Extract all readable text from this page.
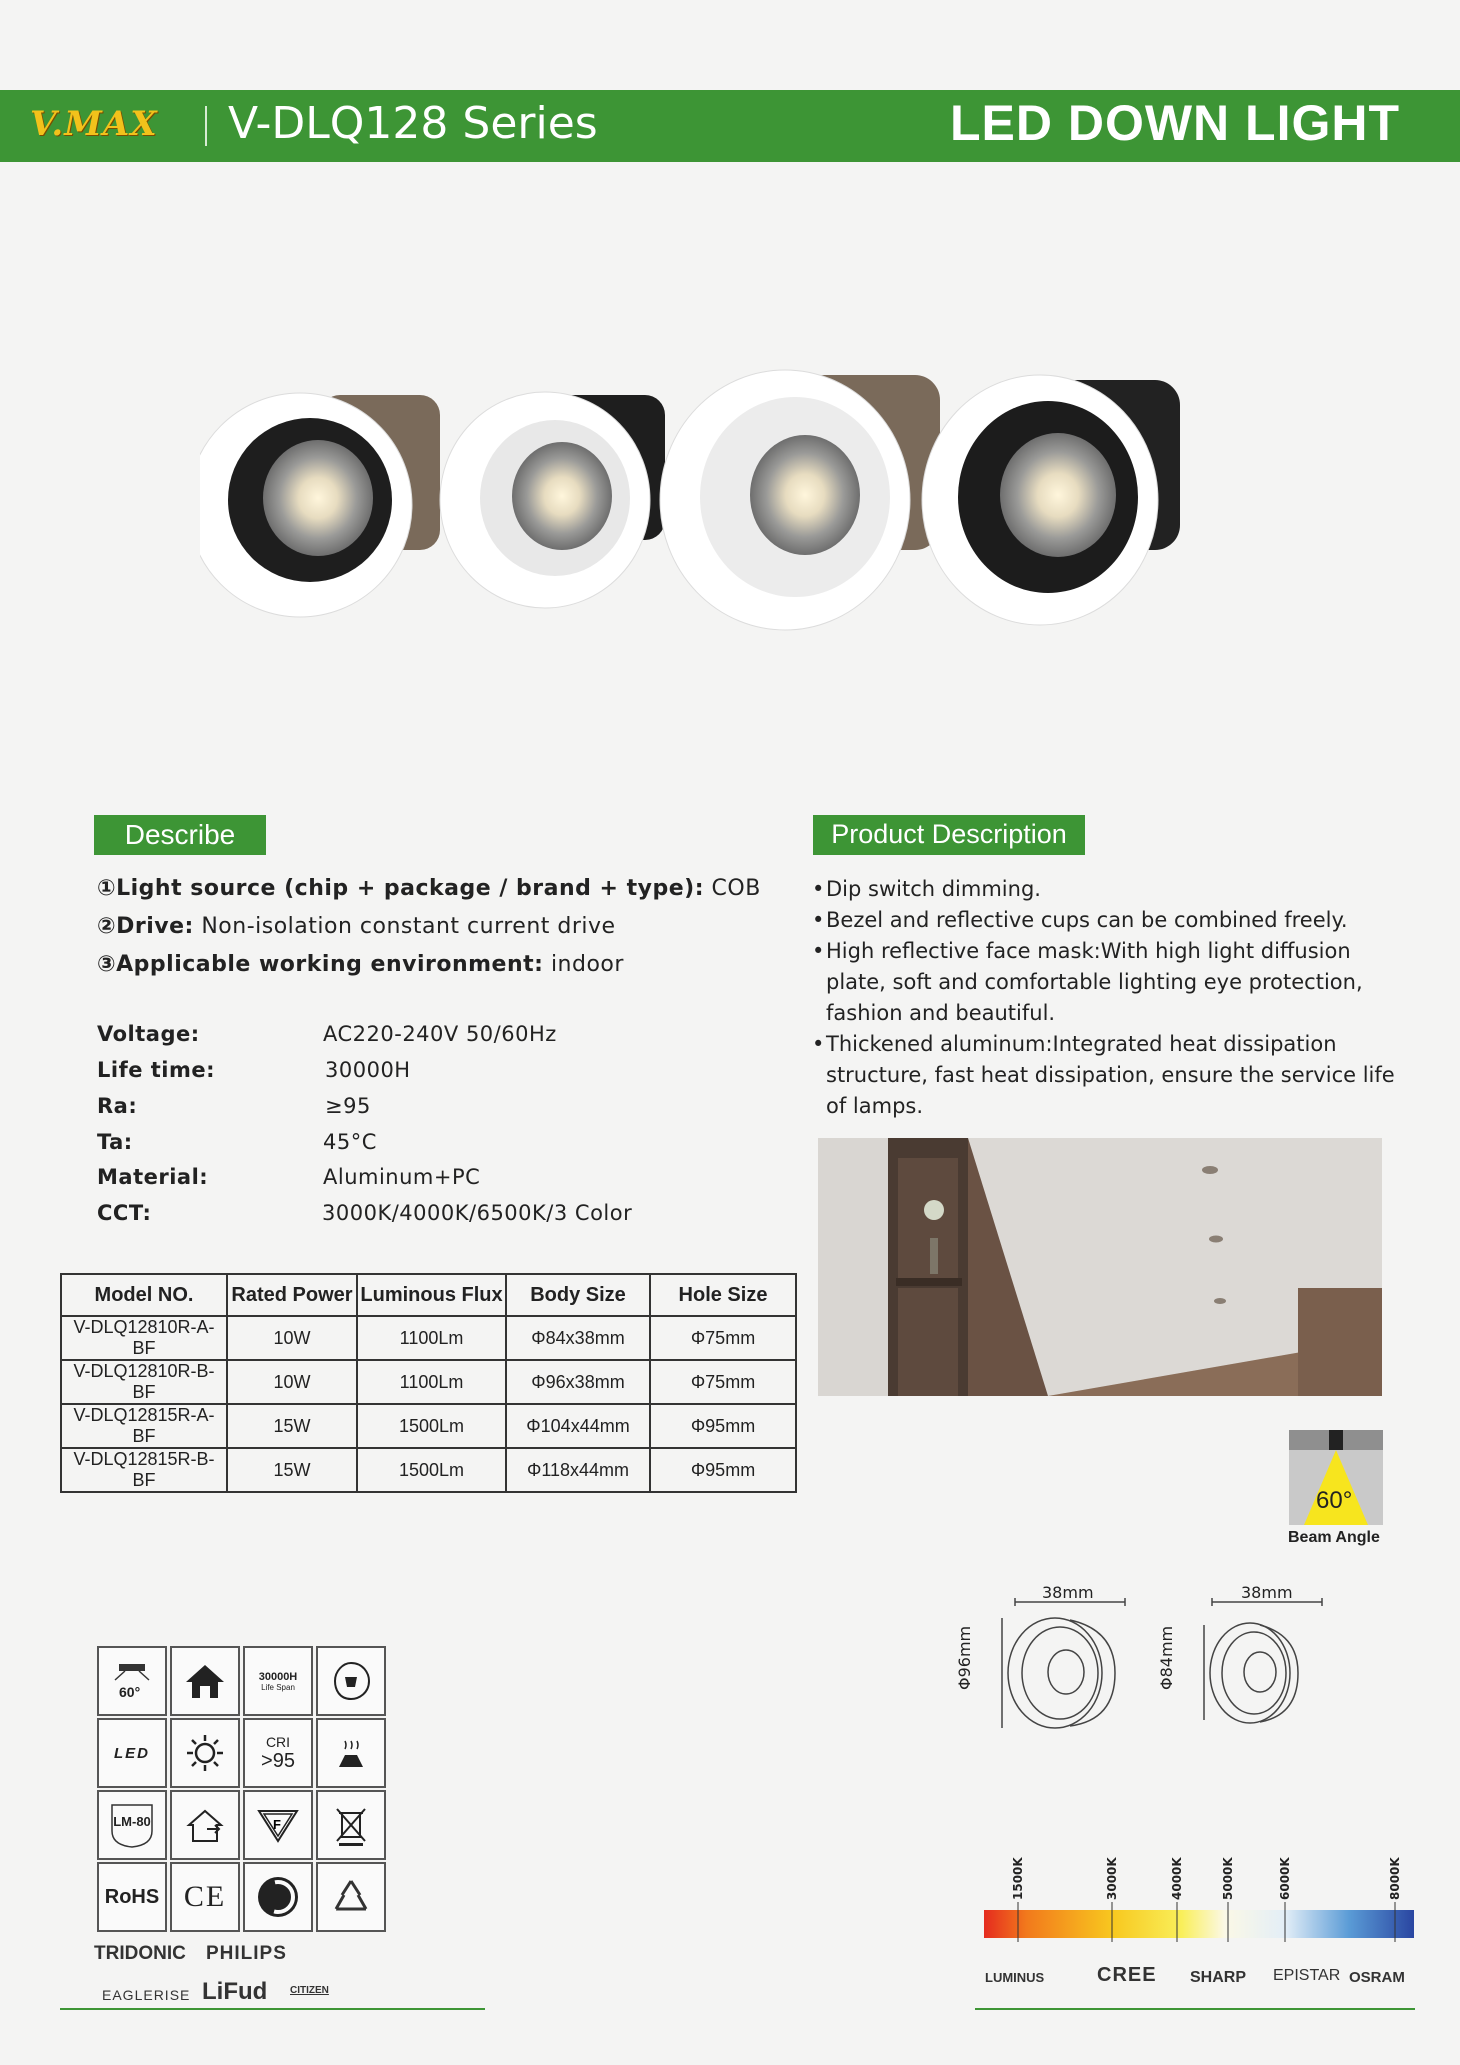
V.MAX V-DLQ128 Series	LED DOWN LIGHT
Describe
①Light source (chip + package / brand + type): COB
②Drive: Non-isolation constant current drive
③Applicable working environment: indoor
Voltage:	AC220-240V 50/60Hz
Life time:	30000H
Ra:	≥95
Ta:	45°C
Material:	Aluminum+PC
CCT:	3000K/4000K/6500K/3 Color
Model NO.	Rated Power	Luminous Flux	Body Size	Hole Size
V-DLQ12810R-A-BF	10W	1100Lm	Φ84x38mm	Φ75mm
V-DLQ12810R-B-BF	10W	1100Lm	Φ96x38mm	Φ75mm
V-DLQ12815R-A-BF	15W	1500Lm	Φ104x44mm	Φ95mm
V-DLQ12815R-B-BF	15W	1500Lm	Φ118x44mm	Φ95mm
Product Description
• Dip switch dimming.
• Bezel and reflective cups can be combined freely.
• High reflective face mask:With high light diffusion plate, soft and comfortable lighting eye protection, fashion and beautiful.
• Thickened aluminum:Integrated heat dissipation structure, fast heat dissipation, ensure the service life of lamps.
60°
Beam Angle
38mm	38mm
Φ96mm	Φ84mm
1500K	3000K	4000K	5000K	6000K	8000K
LUMINUS	CREE SHARP EPISTAR OSRAM
60°
30000H
Life Span
LED
CRI
>95
LM-80	F
RoHS CE
TRIDONIC PHILIPS
EAGLERISE LiFud CITIZEN
